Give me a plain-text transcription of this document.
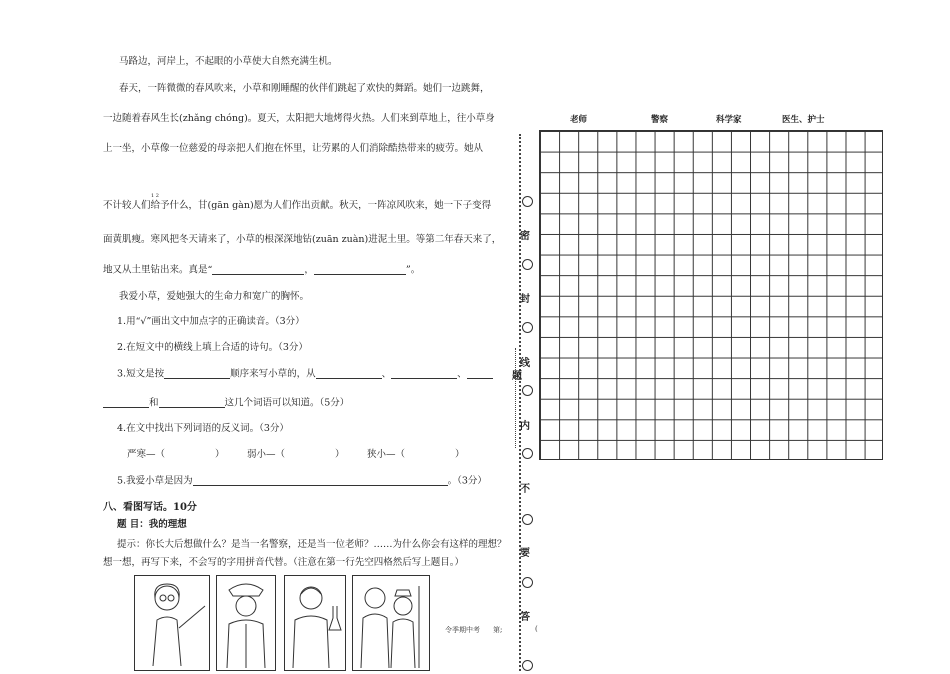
马路边，河岸上，不起眼的小草使大自然充满生机。
春天，一阵微微的春风吹来，小草和刚睡醒的伙伴们跳起了欢快的舞蹈。她们一边跳舞，
一边随着春风生长(zhǎng chóng)。夏天，太阳把大地烤得火热。人们来到草地上，往小草身
上一坐，小草像一位慈爱的母亲把人们抱在怀里，让劳累的人们消除酷热带来的疲劳。她从
1 2
不计较人们给予什么，甘(gān gàn)愿为人们作出贡献。秋天，一阵凉风吹来，她一下子变得
面黄肌瘦。寒风把冬天请来了，小草的根深深地钻(zuān zuàn)进泥土里。等第二年春天来了，
地又从土里钻出来。真是“	，	”。
我爱小草，爱她强大的生命力和宽广的胸怀。
1.用“√”画出文中加点字的正确读音。（3分）
2.在短文中的横线上填上合适的诗句。（3分）
3.短文是按	顺序来写小草的，从	、	、
和	这几个词语可以知道。（5分）
4.在文中找出下列词语的反义词。（3分）
严寒—（	） 弱小—（	） 狭小—（	）
5.我爱小草是因为	。（3分）
八、看图写话。10分
题 目：我的理想
提示：你长大后想做什么？是当一名警察，还是当一位老师？……为什么你会有这样的理想？
想一想，再写下来，不会写的字用拼音代替。（注意在第一行先空四格然后写上题目。）
老师	警察	科学家	医生、护士
密
封
线
内
不
要
答
题
令季期中考 第;	(
